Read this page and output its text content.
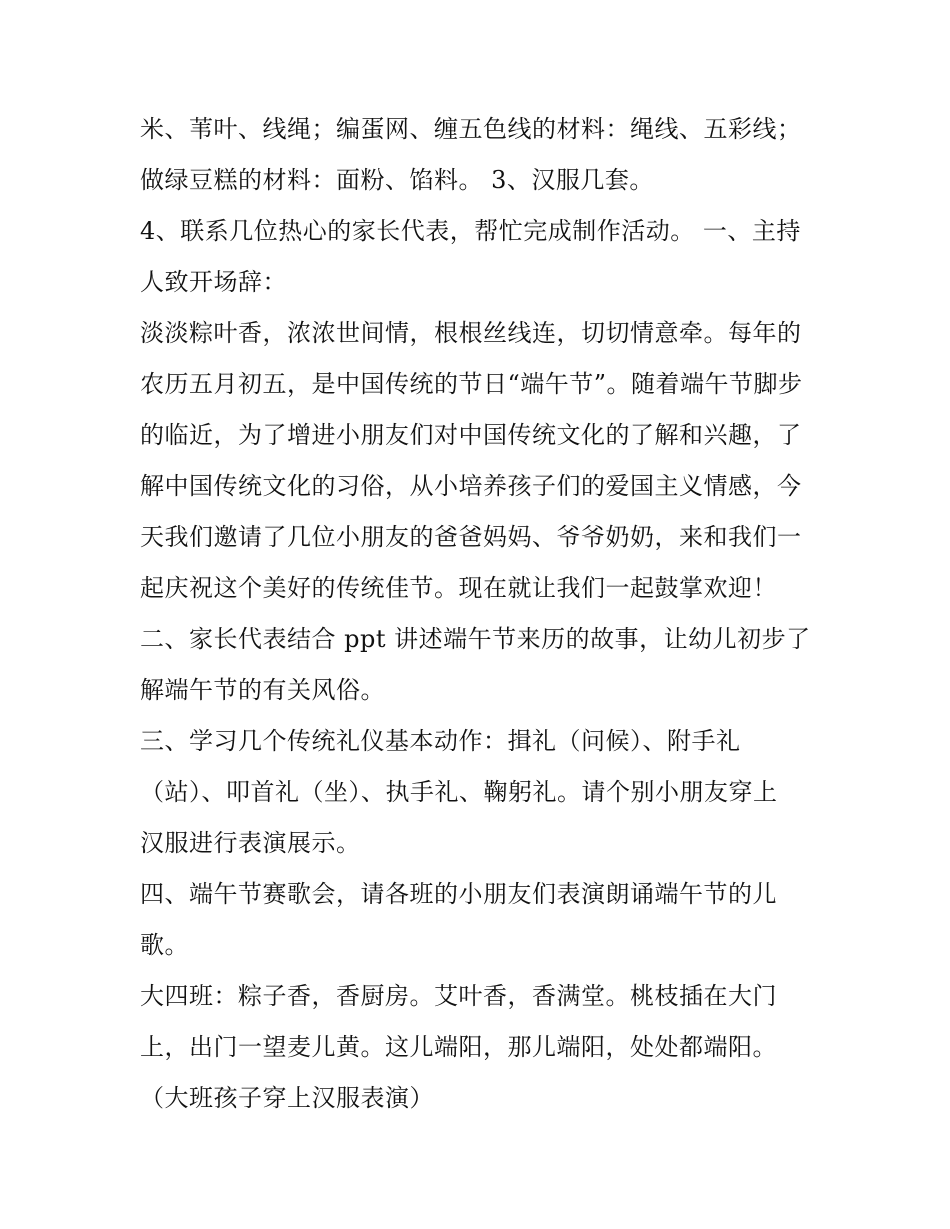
米、苇叶、线绳；编蛋网、缠五色线的材料：绳线、五彩线；
做绿豆糕的材料：面粉、馅料。 3、汉服几套。
4、联系几位热心的家长代表，帮忙完成制作活动。 一、主持
人致开场辞：
淡淡粽叶香，浓浓世间情，根根丝线连，切切情意牵。每年的
农历五月初五，是中国传统的节日“端午节”。随着端午节脚步
的临近，为了增进小朋友们对中国传统文化的了解和兴趣，了
解中国传统文化的习俗，从小培养孩子们的爱国主义情感，今
天我们邀请了几位小朋友的爸爸妈妈、爷爷奶奶，来和我们一
起庆祝这个美好的传统佳节。现在就让我们一起鼓掌欢迎！
二、家长代表结合 ppt 讲述端午节来历的故事，让幼儿初步了
解端午节的有关风俗。
三、学习几个传统礼仪基本动作：揖礼（问候）、附手礼
（站）、叩首礼（坐）、执手礼、鞠躬礼。请个别小朋友穿上
汉服进行表演展示。
四、端午节赛歌会，请各班的小朋友们表演朗诵端午节的儿
歌。
大四班：粽子香，香厨房。艾叶香，香满堂。桃枝插在大门
上，出门一望麦儿黄。这儿端阳，那儿端阳，处处都端阳。
（大班孩子穿上汉服表演）
